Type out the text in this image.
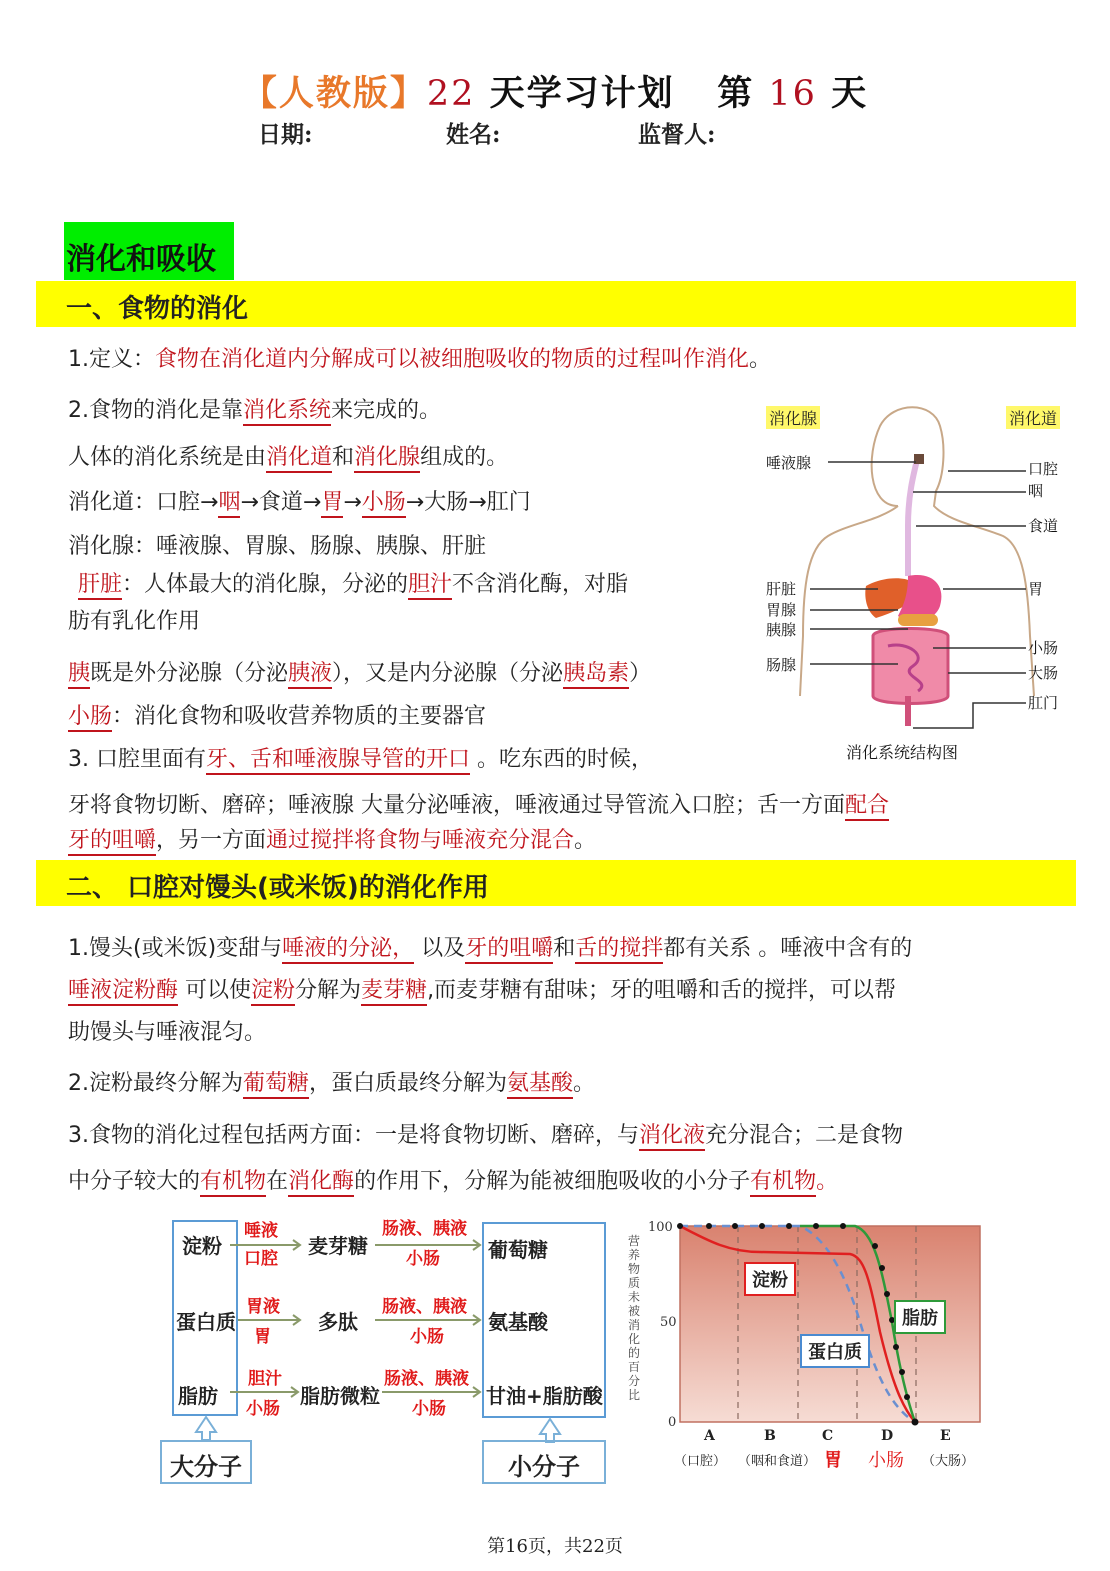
【人教版】22 天学习计划 第 16 天
日期:	姓名:	监督人:
消化和吸收
一、食物的消化
1.定义：食物在消化道内分解成可以被细胞吸收的物质的过程叫作消化。
2.食物的消化是靠消化系统来完成的。
人体的消化系统是由消化道和消化腺组成的。
消化道：口腔→咽→食道→胃→小肠→大肠→肛门
消化腺：唾液腺、胃腺、肠腺、胰腺、肝脏
肝脏：人体最大的消化腺，分泌的胆汁不含消化酶，对脂
肪有乳化作用
胰既是外分泌腺（分泌胰液），又是内分泌腺（分泌胰岛素）
小肠：消化食物和吸收营养物质的主要器官
3. 口腔里面有牙、舌和唾液腺导管的开口 。吃东西的时候，
牙将食物切断、磨碎；唾液腺 大量分泌唾液，唾液通过导管流入口腔；舌一方面配合
牙的咀嚼，另一方面通过搅拌将食物与唾液充分混合。
消化腺	消化道
唾液腺
肝脏
胃腺
胰腺
肠腺
口腔
咽
食道
胃
小肠
大肠
肛门
消化系统结构图
二、 口腔对馒头(或米饭)的消化作用
1.馒头(或米饭)变甜与唾液的分泌， 以及牙的咀嚼和舌的搅拌都有关系 。唾液中含有的
唾液淀粉酶 可以使淀粉分解为麦芽糖,而麦芽糖有甜味；牙的咀嚼和舌的搅拌，可以帮
助馒头与唾液混匀。
2.淀粉最终分解为葡萄糖，蛋白质最终分解为氨基酸。
3.食物的消化过程包括两方面：一是将食物切断、磨碎，与消化液充分混合；二是食物
中分子较大的有机物在消化酶的作用下，分解为能被细胞吸收的小分子有机物。
大分子	小分子
淀粉
唾液
口腔
麦芽糖
肠液、胰液
小肠 葡萄糖
蛋白质
胃液
胃
多肽
肠液、胰液
小肠
氨基酸
脂肪
胆汁
小肠
脂肪微粒
肠液、胰液
小肠
甘油+脂肪酸
100
50
0
营养物质未被消化的百分比
淀粉
蛋白质
脂肪
A	B	C	D	E
（口腔） （咽和食道） 胃 小肠 （大肠）
第16页，共22页
